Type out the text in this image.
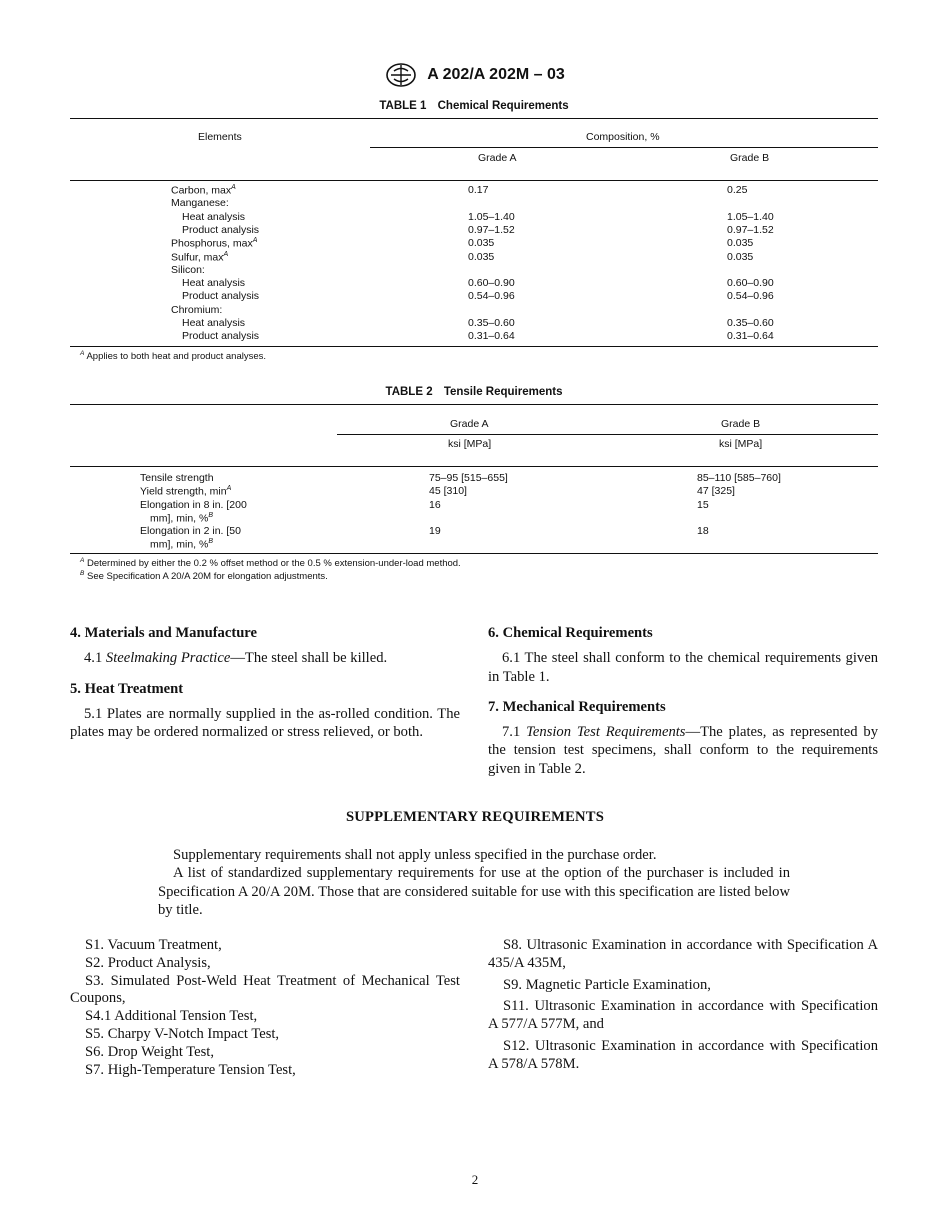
A 202/A 202M – 03
TABLE 1 Chemical Requirements
Elements	Composition, %
Grade A	Grade B
Carbon, $\max^A$	0.17	0.25
Manganese:
Heat analysis	1.05–1.40	1.05–1.40
Product analysis	0.97–1.52	0.97–1.52
Phosphorus, $\max^A$	0.035	0.035
Sulfur, $\max^A$	0.035	0.035
Silicon:
Heat analysis	0.60–0.90	0.60–0.90
Product analysis	0.54–0.96	0.54–0.96
Chromium:
Heat analysis	0.35–0.60	0.35–0.60
Product analysis	0.31–0.64	0.31–0.64
$^A$ Applies to both heat and product analyses.
TABLE 2 Tensile Requirements
Grade A	Grade B
ksi [MPa]	ksi [MPa]
Tensile strength	75–95 [515–655]	85–110 [585–760]
Yield strength, $\min^A$	45 [310]	47 [325]
Elongation in 8 in. [200
mm], min, %$^B$
16	15
Elongation in 2 in. [50
mm], min, %$^B$
19	18
$^A$ Determined by either the 0.2 % offset method or the 0.5 % extension-under-load method.
$^B$ See Specification A 20/A 20M for elongation adjustments.
4. Materials and Manufacture

4.1 Steelmaking Practice—The steel shall be killed.

5. Heat Treatment

5.1 Plates are normally supplied in the as-rolled condition. The plates may be ordered normalized or stress relieved, or both.

6. Chemical Requirements

6.1 The steel shall conform to the chemical requirements given in Table 1.

7. Mechanical Requirements

7.1 Tension Test Requirements—The plates, as represented by the tension test specimens, shall conform to the requirements given in Table 2.

SUPPLEMENTARY REQUIREMENTS

Supplementary requirements shall not apply unless specified in the purchase order.

A list of standardized supplementary requirements for use at the option of the purchaser is included in Specification A 20/A 20M. Those that are considered suitable for use with this specification are listed below by title.

S1. Vacuum Treatment,
S2. Product Analysis,
S3. Simulated Post-Weld Heat Treatment of Mechanical Test Coupons,
S4.1 Additional Tension Test,
S5. Charpy V-Notch Impact Test,
S6. Drop Weight Test,
S7. High-Temperature Tension Test,
S8. Ultrasonic Examination in accordance with Specification A 435/A 435M,
S9. Magnetic Particle Examination,
S11. Ultrasonic Examination in accordance with Specification A 577/A 577M, and
S12. Ultrasonic Examination in accordance with Specification A 578/A 578M.
2
